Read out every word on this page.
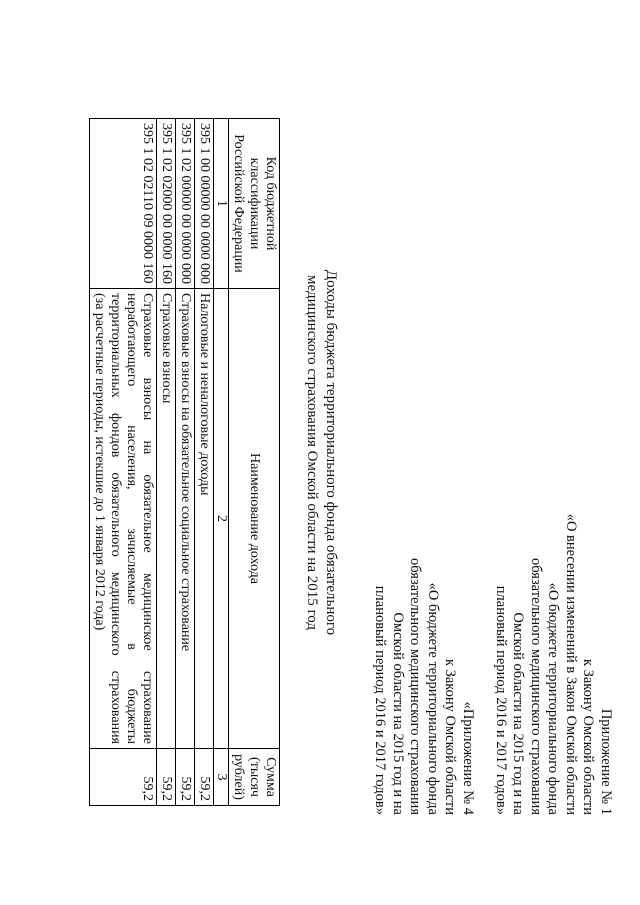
Приложение № 1
к Закону Омской области
«О внесении изменений в Закон Омской области
«О бюджете территориального фонда
обязательного медицинского страхования
Омской области на 2015 год и на
плановый период 2016 и 2017 годов»
«Приложение № 4
к Закону Омской области
«О бюджете территориального фонда
обязательного медицинского страхования
Омской области на 2015 год и на
плановый период 2016 и 2017 годов»
Доходы бюджета территориального фонда обязательного
медицинского страхования Омской области на 2015 год
Код бюджетной классификации Российской Федерации	Наименование дохода	Сумма (тысяч рублей)
1	2	3
395 1 00 00000 00 0000 000	Налоговые и неналоговые доходы	59,2
395 1 02 00000 00 0000 000	Страховые взносы на обязательное социальное страхование	59,2
395 1 02 02000 00 0000 160	Страховые взносы	59,2
395 1 02 02110 09 0000 160	Страховые взносы на обязательное медицинское страхование
неработающего населения, зачисляемые в бюджеты
территориальных фондов обязательного медицинского страхования
(за расчетные периоды, истекшие до 1 января 2012 года)	59,2
